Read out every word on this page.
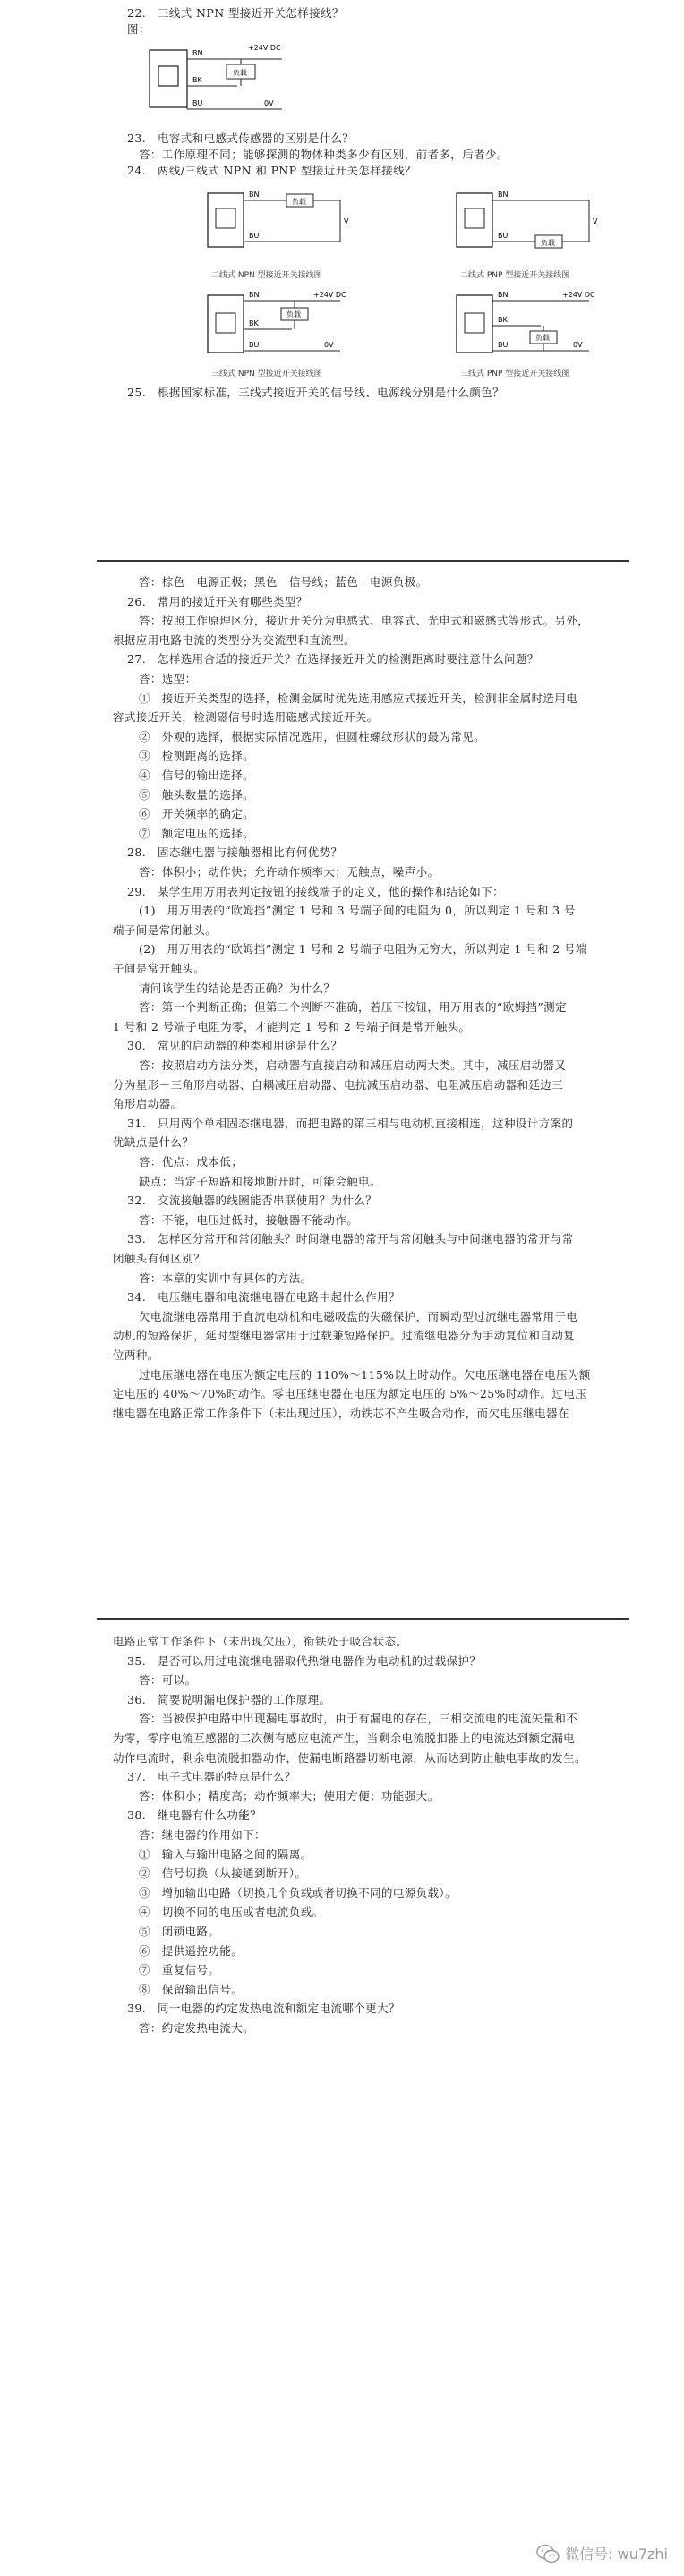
22.　三线式 NPN 型接近开关怎样接线？
图：
负载
BN
BK
BU
+24V DC
0V
23.　电容式和电感式传感器的区别是什么？
答：工作原理不同；能够探测的物体种类多少有区别，前者多，后者少。
24.　两线/三线式 NPN 和 PNP 型接近开关怎样接线？
负载
V
BN
BU
二线式 NPN 型接近开关接线图
负载
V
BN
BU
二线式 PNP 型接近开关接线图
负载
+24V DC
0V
BN
BK
BU
三线式 NPN 型接近开关接线图
负载
+24V DC
0V
BN
BK
BU
三线式 PNP 型接近开关接线图
25.　根据国家标准，三线式接近开关的信号线、电源线分别是什么颜色？
答：棕色－电源正极；黑色－信号线；蓝色－电源负极。
26.　常用的接近开关有哪些类型？
答：按照工作原理区分，接近开关分为电感式、电容式、光电式和磁感式等形式。另外，
根据应用电路电流的类型分为交流型和直流型。
27.　怎样选用合适的接近开关？在选择接近开关的检测距离时要注意什么问题？
答：选型：
①　接近开关类型的选择，检测金属时优先选用感应式接近开关，检测非金属时选用电
容式接近开关，检测磁信号时选用磁感式接近开关。
②　外观的选择，根据实际情况选用，但圆柱螺纹形状的最为常见。
③　检测距离的选择。
④　信号的输出选择。
⑤　触头数量的选择。
⑥　开关频率的确定。
⑦　额定电压的选择。
28.　固态继电器与接触器相比有何优势？
答：体积小；动作快；允许动作频率大；无触点，噪声小。
29.　某学生用万用表判定按钮的接线端子的定义，他的操作和结论如下：
(1)　用万用表的“欧姆挡”测定 1 号和 3 号端子间的电阻为 0，所以判定 1 号和 3 号
端子间是常闭触头。
(2)　用万用表的“欧姆挡”测定 1 号和 2 号端子电阻为无穷大，所以判定 1 号和 2 号端
子间是常开触头。
请问该学生的结论是否正确？为什么？
答：第一个判断正确；但第二个判断不准确，若压下按钮，用万用表的“欧姆挡”测定
1 号和 2 号端子电阻为零，才能判定 1 号和 2 号端子间是常开触头。
30.　常见的启动器的种类和用途是什么？
答：按照启动方法分类，启动器有直接启动和减压启动两大类。其中，减压启动器又
分为星形－三角形启动器、自耦减压启动器、电抗减压启动器、电阻减压启动器和延边三
角形启动器。
31.　只用两个单相固态继电器，而把电路的第三相与电动机直接相连，这种设计方案的
优缺点是什么？
答：优点：成本低；
缺点：当定子短路和接地断开时，可能会触电。
32.　交流接触器的线圈能否串联使用？为什么？
答：不能，电压过低时，接触器不能动作。
33.　怎样区分常开和常闭触头？时间继电器的常开与常闭触头与中间继电器的常开与常
闭触头有何区别？
答：本章的实训中有具体的方法。
34.　电压继电器和电流继电器在电路中起什么作用？
欠电流继电器常用于直流电动机和电磁吸盘的失磁保护，而瞬动型过流继电器常用于电
动机的短路保护，延时型继电器常用于过载兼短路保护。过流继电器分为手动复位和自动复
位两种。
过电压继电器在电压为额定电压的 110%～115%以上时动作。欠电压继电器在电压为额
定电压的 40%～70%时动作。零电压继电器在电压为额定电压的 5%～25%时动作。过电压
继电器在电路正常工作条件下（未出现过压），动铁芯不产生吸合动作，而欠电压继电器在
电路正常工作条件下（未出现欠压），衔铁处于吸合状态。
35.　是否可以用过电流继电器取代热继电器作为电动机的过载保护？
答：可以。
36.　简要说明漏电保护器的工作原理。
答：当被保护电路中出现漏电事故时，由于有漏电的存在，三相交流电的电流矢量和不
为零，零序电流互感器的二次侧有感应电流产生，当剩余电流脱扣器上的电流达到额定漏电
动作电流时，剩余电流脱扣器动作，使漏电断路器切断电源，从而达到防止触电事故的发生。
37.　电子式电器的特点是什么？
答：体积小；精度高；动作频率大；使用方便；功能强大。
38.　继电器有什么功能？
答：继电器的作用如下：
①　输入与输出电路之间的隔离。
②　信号切换（从接通到断开）。
③　增加输出电路（切换几个负载或者切换不同的电源负载）。
④　切换不同的电压或者电流负载。
⑤　闭锁电路。
⑥　提供遥控功能。
⑦　重复信号。
⑧　保留输出信号。
39.　同一电器的约定发热电流和额定电流哪个更大？
答：约定发热电流大。
微信号: wu7zhi
